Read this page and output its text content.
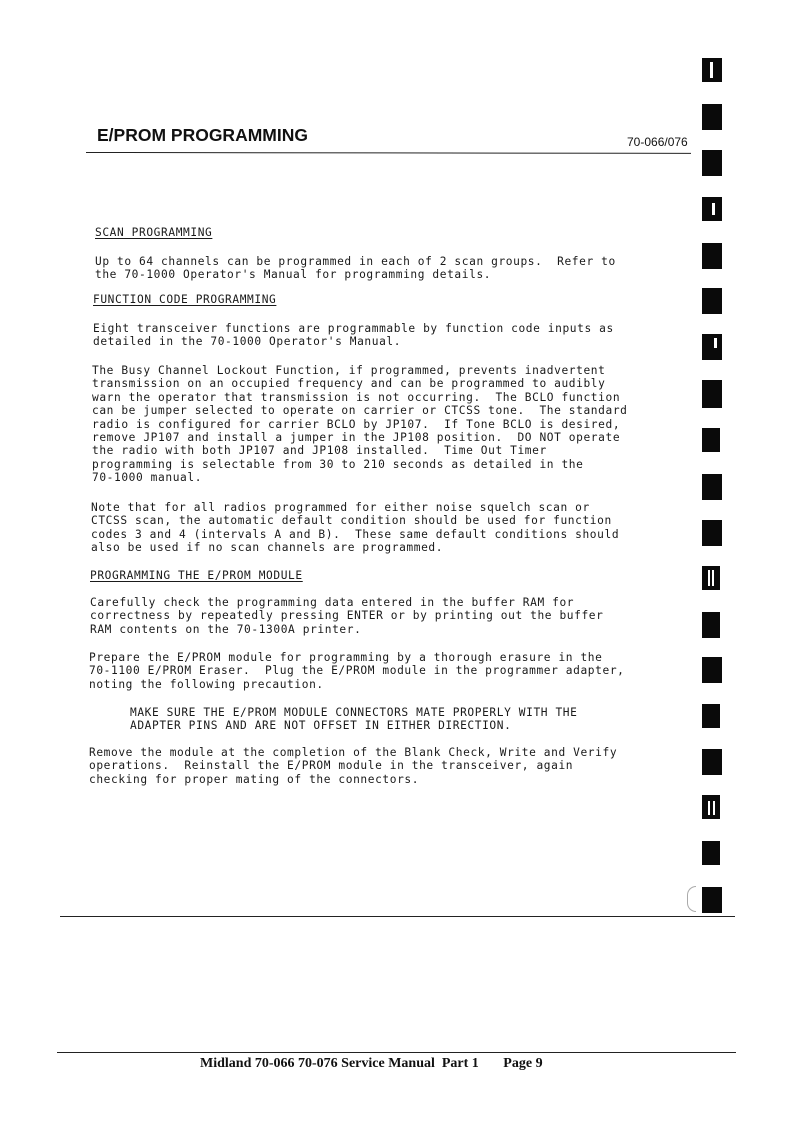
E/PROM PROGRAMMING	70-066/076

SCAN PROGRAMMING

Up to 64 channels can be programmed in each of 2 scan groups.  Refer to
the 70-1000 Operator's Manual for programming details.

FUNCTION CODE PROGRAMMING

Eight transceiver functions are programmable by function code inputs as
detailed in the 70-1000 Operator's Manual.

The Busy Channel Lockout Function, if programmed, prevents inadvertent
transmission on an occupied frequency and can be programmed to audibly
warn the operator that transmission is not occurring.  The BCLO function
can be jumper selected to operate on carrier or CTCSS tone.  The standard
radio is configured for carrier BCLO by JP107.  If Tone BCLO is desired,
remove JP107 and install a jumper in the JP108 position.  DO NOT operate
the radio with both JP107 and JP108 installed.  Time Out Timer
programming is selectable from 30 to 210 seconds as detailed in the
70-1000 manual.

Note that for all radios programmed for either noise squelch scan or
CTCSS scan, the automatic default condition should be used for function
codes 3 and 4 (intervals A and B).  These same default conditions should
also be used if no scan channels are programmed.

PROGRAMMING THE E/PROM MODULE

Carefully check the programming data entered in the buffer RAM for
correctness by repeatedly pressing ENTER or by printing out the buffer
RAM contents on the 70-1300A printer.

Prepare the E/PROM module for programming by a thorough erasure in the
70-1100 E/PROM Eraser.  Plug the E/PROM module in the programmer adapter,
noting the following precaution.

MAKE SURE THE E/PROM MODULE CONNECTORS MATE PROPERLY WITH THE
ADAPTER PINS AND ARE NOT OFFSET IN EITHER DIRECTION.

Remove the module at the completion of the Blank Check, Write and Verify
operations.  Reinstall the E/PROM module in the transceiver, again
checking for proper mating of the connectors.

Midland 70-066 70-076 Service Manual  Part 1       Page 9
